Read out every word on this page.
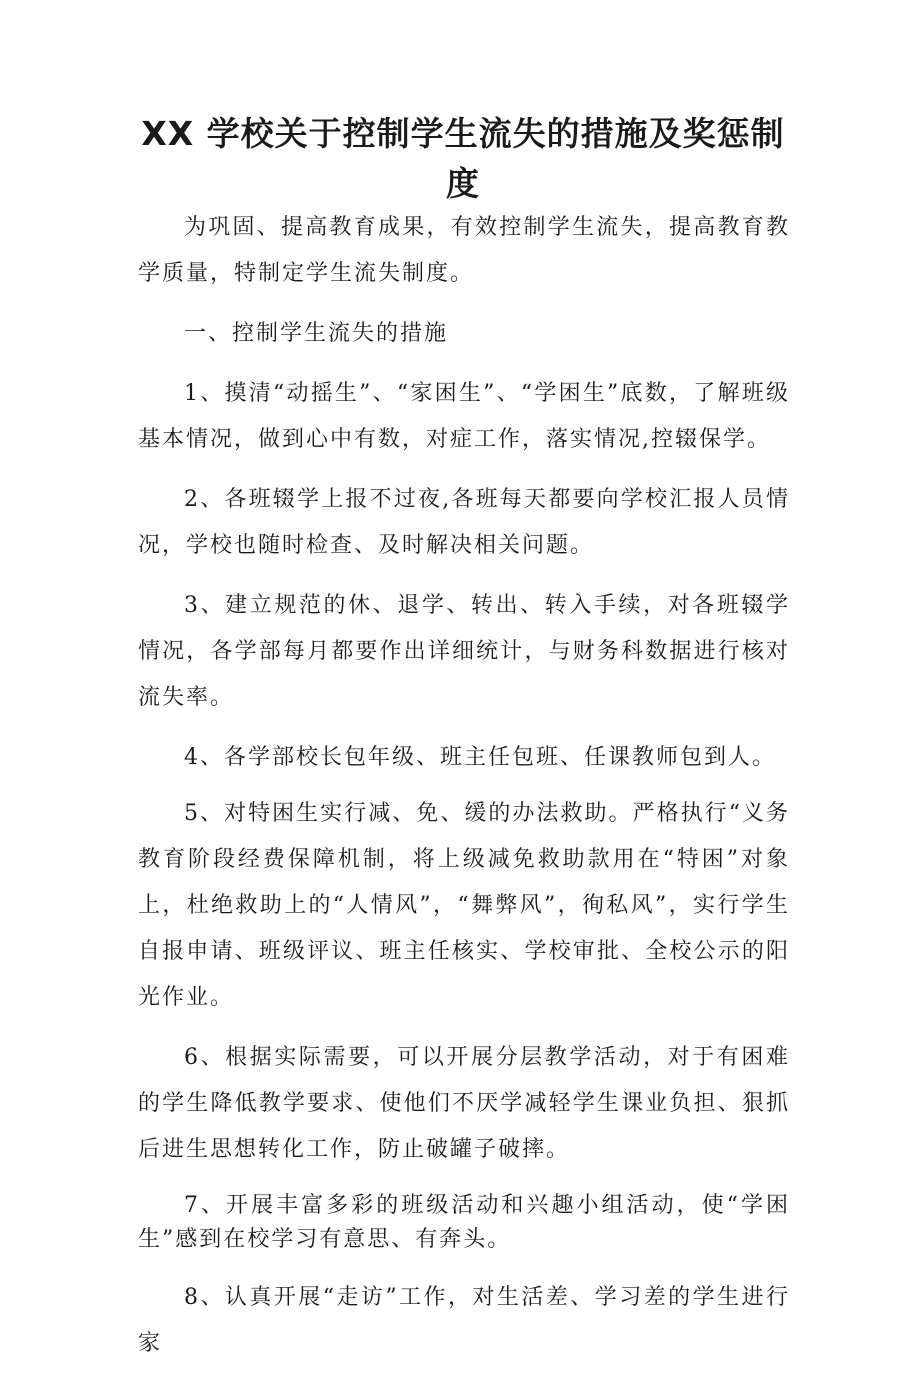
XX 学校关于控制学生流失的措施及奖惩制度

为巩固、提高教育成果，有效控制学生流失，提高教育教学质量，特制定学生流失制度。

一、控制学生流失的措施

1、摸清“动摇生”、“家困生”、“学困生”底数，了解班级基本情况，做到心中有数，对症工作，落实情况,控辍保学。

2、各班辍学上报不过夜,各班每天都要向学校汇报人员情况，学校也随时检查、及时解决相关问题。

3、建立规范的休、退学、转出、转入手续，对各班辍学情况，各学部每月都要作出详细统计，与财务科数据进行核对流失率。

4、各学部校长包年级、班主任包班、任课教师包到人。

5、对特困生实行减、免、缓的办法救助。严格执行“义务教育阶段经费保障机制，将上级减免救助款用在“特困”对象上，杜绝救助上的“人情风”，“舞弊风”，徇私风”，实行学生自报申请、班级评议、班主任核实、学校审批、全校公示的阳光作业。

6、根据实际需要，可以开展分层教学活动，对于有困难的学生降低教学要求、使他们不厌学减轻学生课业负担、狠抓后进生思想转化工作，防止破罐子破摔。

7、开展丰富多彩的班级活动和兴趣小组活动，使“学困生”感到在校学习有意思、有奔头。

8、认真开展“走访”工作，对生活差、学习差的学生进行家
